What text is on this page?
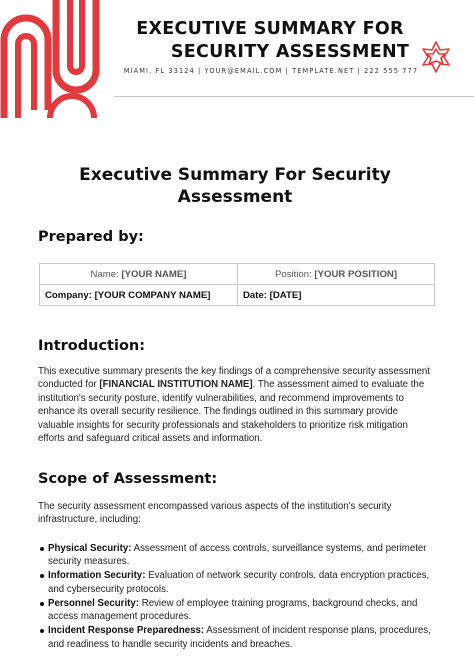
EXECUTIVE SUMMARY FOR
SECURITY ASSESSMENT
MIAMI, FL 33124 | YOUR@EMAIL.COM | TEMPLATE.NET | 222 555 777
Executive Summary For Security Assessment
Prepared by:
Name: [YOUR NAME]	Position: [YOUR POSITION]
Company: [YOUR COMPANY NAME]	Date: [DATE]
Introduction:

This executive summary presents the key findings of a comprehensive security assessment conducted for [FINANCIAL INSTITUTION NAME]. The assessment aimed to evaluate the institution's security posture, identify vulnerabilities, and recommend improvements to enhance its overall security resilience. The findings outlined in this summary provide valuable insights for security professionals and stakeholders to prioritize risk mitigation efforts and safeguard critical assets and information.

Scope of Assessment:

The security assessment encompassed various aspects of the institution's security infrastructure, including:

Physical Security: Assessment of access controls, surveillance systems, and perimeter security measures.
Information Security: Evaluation of network security controls, data encryption practices, and cybersecurity protocols.
Personnel Security: Review of employee training programs, background checks, and access management procedures.
Incident Response Preparedness: Assessment of incident response plans, procedures, and readiness to handle security incidents and breaches.
